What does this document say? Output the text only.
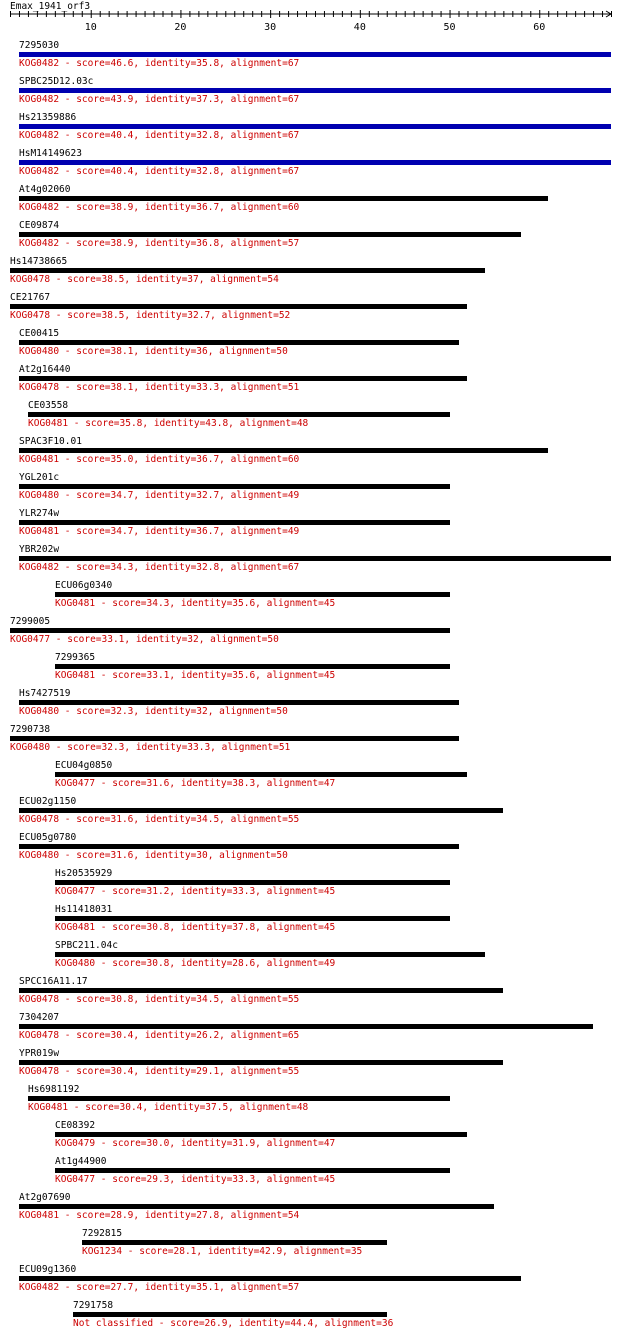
Emax_1941_orf3
10	20	30	40	50	60
7295030
KOG0482 - score=46.6, identity=35.8, alignment=67
SPBC25D12.03c
KOG0482 - score=43.9, identity=37.3, alignment=67
Hs21359886
KOG0482 - score=40.4, identity=32.8, alignment=67
HsM14149623
KOG0482 - score=40.4, identity=32.8, alignment=67
At4g02060
KOG0482 - score=38.9, identity=36.7, alignment=60
CE09874
KOG0482 - score=38.9, identity=36.8, alignment=57
Hs14738665
KOG0478 - score=38.5, identity=37, alignment=54
CE21767
KOG0478 - score=38.5, identity=32.7, alignment=52
CE00415
KOG0480 - score=38.1, identity=36, alignment=50
At2g16440
KOG0478 - score=38.1, identity=33.3, alignment=51
CE03558
KOG0481 - score=35.8, identity=43.8, alignment=48
SPAC3F10.01
KOG0481 - score=35.0, identity=36.7, alignment=60
YGL201c
KOG0480 - score=34.7, identity=32.7, alignment=49
YLR274w
KOG0481 - score=34.7, identity=36.7, alignment=49
YBR202w
KOG0482 - score=34.3, identity=32.8, alignment=67
ECU06g0340
KOG0481 - score=34.3, identity=35.6, alignment=45
7299005
KOG0477 - score=33.1, identity=32, alignment=50
7299365
KOG0481 - score=33.1, identity=35.6, alignment=45
Hs7427519
KOG0480 - score=32.3, identity=32, alignment=50
7290738
KOG0480 - score=32.3, identity=33.3, alignment=51
ECU04g0850
KOG0477 - score=31.6, identity=38.3, alignment=47
ECU02g1150
KOG0478 - score=31.6, identity=34.5, alignment=55
ECU05g0780
KOG0480 - score=31.6, identity=30, alignment=50
Hs20535929
KOG0477 - score=31.2, identity=33.3, alignment=45
Hs11418031
KOG0481 - score=30.8, identity=37.8, alignment=45
SPBC211.04c
KOG0480 - score=30.8, identity=28.6, alignment=49
SPCC16A11.17
KOG0478 - score=30.8, identity=34.5, alignment=55
7304207
KOG0478 - score=30.4, identity=26.2, alignment=65
YPR019w
KOG0478 - score=30.4, identity=29.1, alignment=55
Hs6981192
KOG0481 - score=30.4, identity=37.5, alignment=48
CE08392
KOG0479 - score=30.0, identity=31.9, alignment=47
At1g44900
KOG0477 - score=29.3, identity=33.3, alignment=45
At2g07690
KOG0481 - score=28.9, identity=27.8, alignment=54
7292815
KOG1234 - score=28.1, identity=42.9, alignment=35
ECU09g1360
KOG0482 - score=27.7, identity=35.1, alignment=57
7291758
Not classified - score=26.9, identity=44.4, alignment=36
